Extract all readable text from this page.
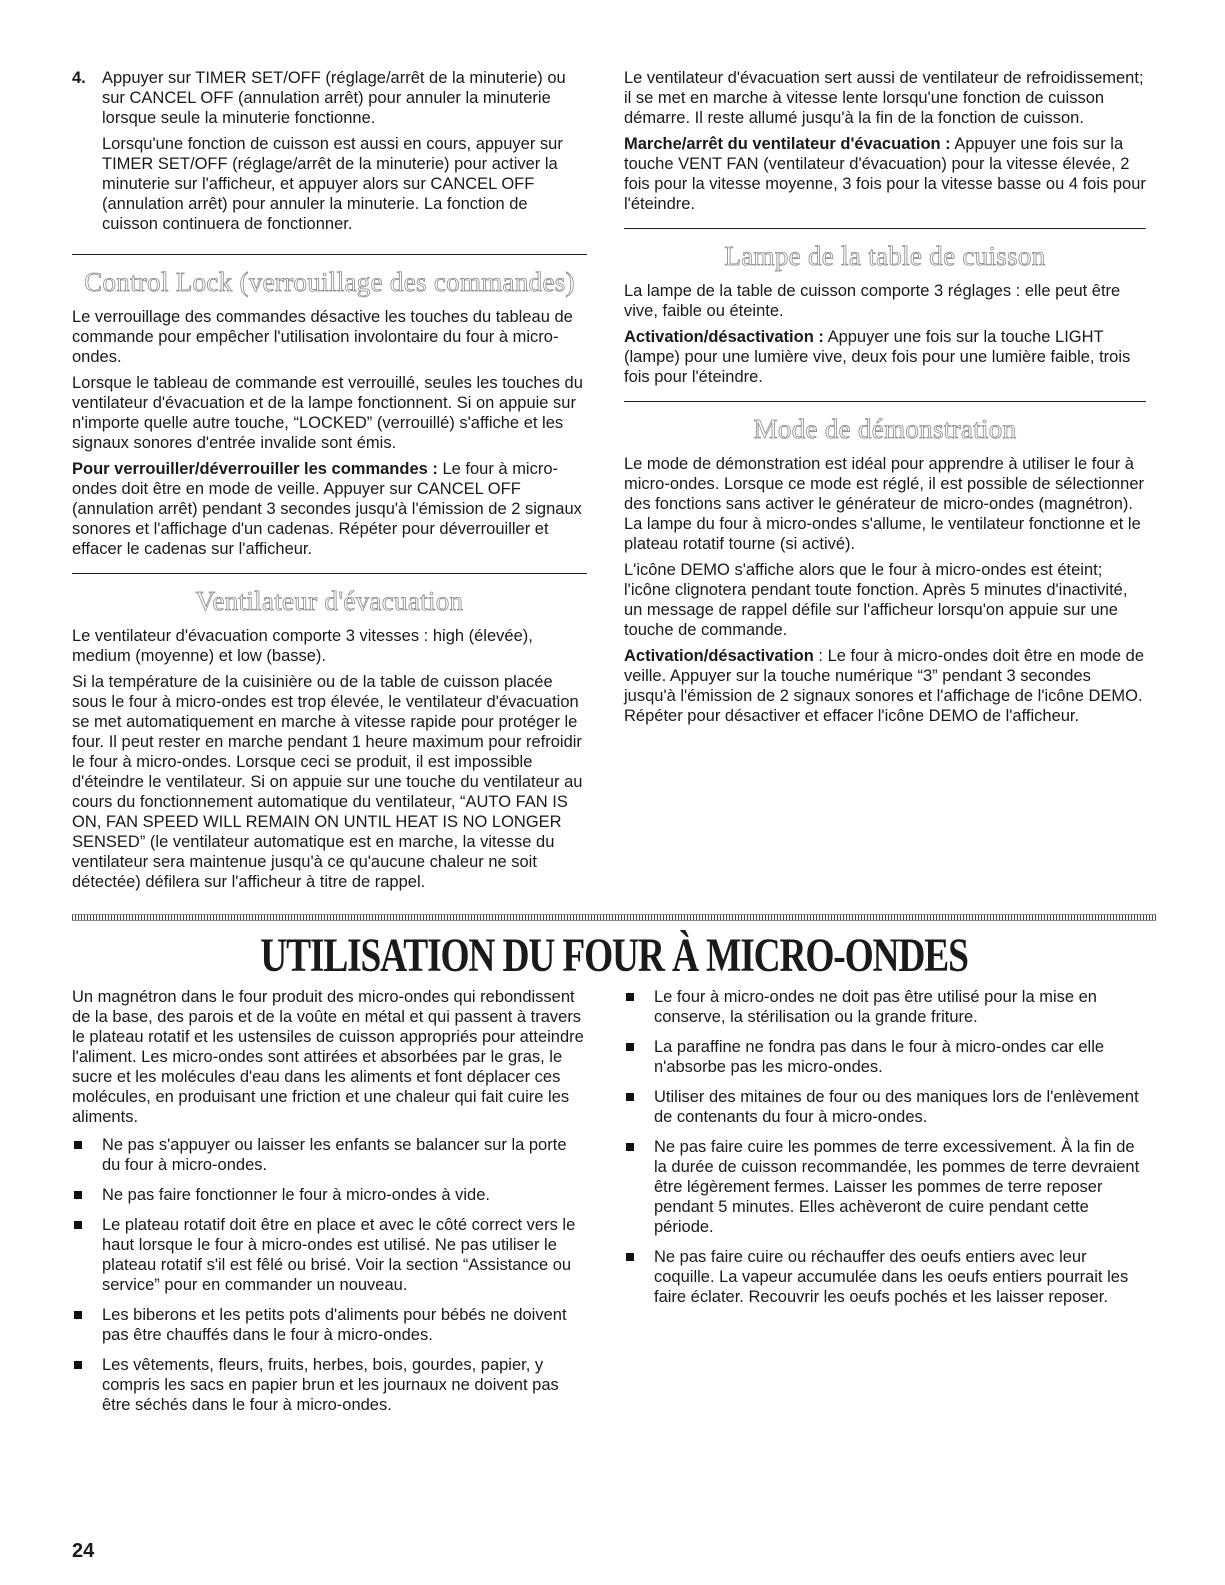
4. Appuyer sur TIMER SET/OFF (réglage/arrêt de la minuterie) ou sur CANCEL OFF (annulation arrêt) pour annuler la minuterie lorsque seule la minuterie fonctionne.

Lorsqu'une fonction de cuisson est aussi en cours, appuyer sur TIMER SET/OFF (réglage/arrêt de la minuterie) pour activer la minuterie sur l'afficheur, et appuyer alors sur CANCEL OFF (annulation arrêt) pour annuler la minuterie. La fonction de cuisson continuera de fonctionner.

Control Lock (verrouillage des commandes)

Le verrouillage des commandes désactive les touches du tableau de commande pour empêcher l'utilisation involontaire du four à micro-ondes.

Lorsque le tableau de commande est verrouillé, seules les touches du ventilateur d'évacuation et de la lampe fonctionnent. Si on appuie sur n'importe quelle autre touche, “LOCKED” (verrouillé) s'affiche et les signaux sonores d'entrée invalide sont émis.

Pour verrouiller/déverrouiller les commandes : Le four à micro-ondes doit être en mode de veille. Appuyer sur CANCEL OFF (annulation arrêt) pendant 3 secondes jusqu'à l'émission de 2 signaux sonores et l'affichage d'un cadenas. Répéter pour déverrouiller et effacer le cadenas sur l'afficheur.

Ventilateur d'évacuation

Le ventilateur d'évacuation comporte 3 vitesses : high (élevée), medium (moyenne) et low (basse).

Si la température de la cuisinière ou de la table de cuisson placée sous le four à micro-ondes est trop élevée, le ventilateur d'évacuation se met automatiquement en marche à vitesse rapide pour protéger le four. Il peut rester en marche pendant 1 heure maximum pour refroidir le four à micro-ondes. Lorsque ceci se produit, il est impossible d'éteindre le ventilateur. Si on appuie sur une touche du ventilateur au cours du fonctionnement automatique du ventilateur, “AUTO FAN IS ON, FAN SPEED WILL REMAIN ON UNTIL HEAT IS NO LONGER SENSED” (le ventilateur automatique est en marche, la vitesse du ventilateur sera maintenue jusqu'à ce qu'aucune chaleur ne soit détectée) défilera sur l'afficheur à titre de rappel.

Le ventilateur d'évacuation sert aussi de ventilateur de refroidissement; il se met en marche à vitesse lente lorsqu'une fonction de cuisson démarre. Il reste allumé jusqu'à la fin de la fonction de cuisson.

Marche/arrêt du ventilateur d'évacuation : Appuyer une fois sur la touche VENT FAN (ventilateur d'évacuation) pour la vitesse élevée, 2 fois pour la vitesse moyenne, 3 fois pour la vitesse basse ou 4 fois pour l'éteindre.

Lampe de la table de cuisson

La lampe de la table de cuisson comporte 3 réglages : elle peut être vive, faible ou éteinte.

Activation/désactivation : Appuyer une fois sur la touche LIGHT (lampe) pour une lumière vive, deux fois pour une lumière faible, trois fois pour l'éteindre.

Mode de démonstration

Le mode de démonstration est idéal pour apprendre à utiliser le four à micro-ondes. Lorsque ce mode est réglé, il est possible de sélectionner des fonctions sans activer le générateur de micro-ondes (magnétron). La lampe du four à micro-ondes s'allume, le ventilateur fonctionne et le plateau rotatif tourne (si activé).

L'icône DEMO s'affiche alors que le four à micro-ondes est éteint; l'icône clignotera pendant toute fonction. Après 5 minutes d'inactivité, un message de rappel défile sur l'afficheur lorsqu'on appuie sur une touche de commande.

Activation/désactivation : Le four à micro-ondes doit être en mode de veille. Appuyer sur la touche numérique “3” pendant 3 secondes jusqu'à l'émission de 2 signaux sonores et l'affichage de l'icône DEMO. Répéter pour désactiver et effacer l'icône DEMO de l'afficheur.

UTILISATION DU FOUR À MICRO-ONDES

Un magnétron dans le four produit des micro-ondes qui rebondissent de la base, des parois et de la voûte en métal et qui passent à travers le plateau rotatif et les ustensiles de cuisson appropriés pour atteindre l'aliment. Les micro-ondes sont attirées et absorbées par le gras, le sucre et les molécules d'eau dans les aliments et font déplacer ces molécules, en produisant une friction et une chaleur qui fait cuire les aliments.

Ne pas s'appuyer ou laisser les enfants se balancer sur la porte du four à micro-ondes.
Ne pas faire fonctionner le four à micro-ondes à vide.
Le plateau rotatif doit être en place et avec le côté correct vers le haut lorsque le four à micro-ondes est utilisé. Ne pas utiliser le plateau rotatif s'il est fêlé ou brisé. Voir la section “Assistance ou service” pour en commander un nouveau.
Les biberons et les petits pots d'aliments pour bébés ne doivent pas être chauffés dans le four à micro-ondes.
Les vêtements, fleurs, fruits, herbes, bois, gourdes, papier, y compris les sacs en papier brun et les journaux ne doivent pas être séchés dans le four à micro-ondes.
Le four à micro-ondes ne doit pas être utilisé pour la mise en conserve, la stérilisation ou la grande friture.
La paraffine ne fondra pas dans le four à micro-ondes car elle n'absorbe pas les micro-ondes.
Utiliser des mitaines de four ou des maniques lors de l'enlèvement de contenants du four à micro-ondes.
Ne pas faire cuire les pommes de terre excessivement. À la fin de la durée de cuisson recommandée, les pommes de terre devraient être légèrement fermes. Laisser les pommes de terre reposer pendant 5 minutes. Elles achèveront de cuire pendant cette période.
Ne pas faire cuire ou réchauffer des oeufs entiers avec leur coquille. La vapeur accumulée dans les oeufs entiers pourrait les faire éclater. Recouvrir les oeufs pochés et les laisser reposer.
24
